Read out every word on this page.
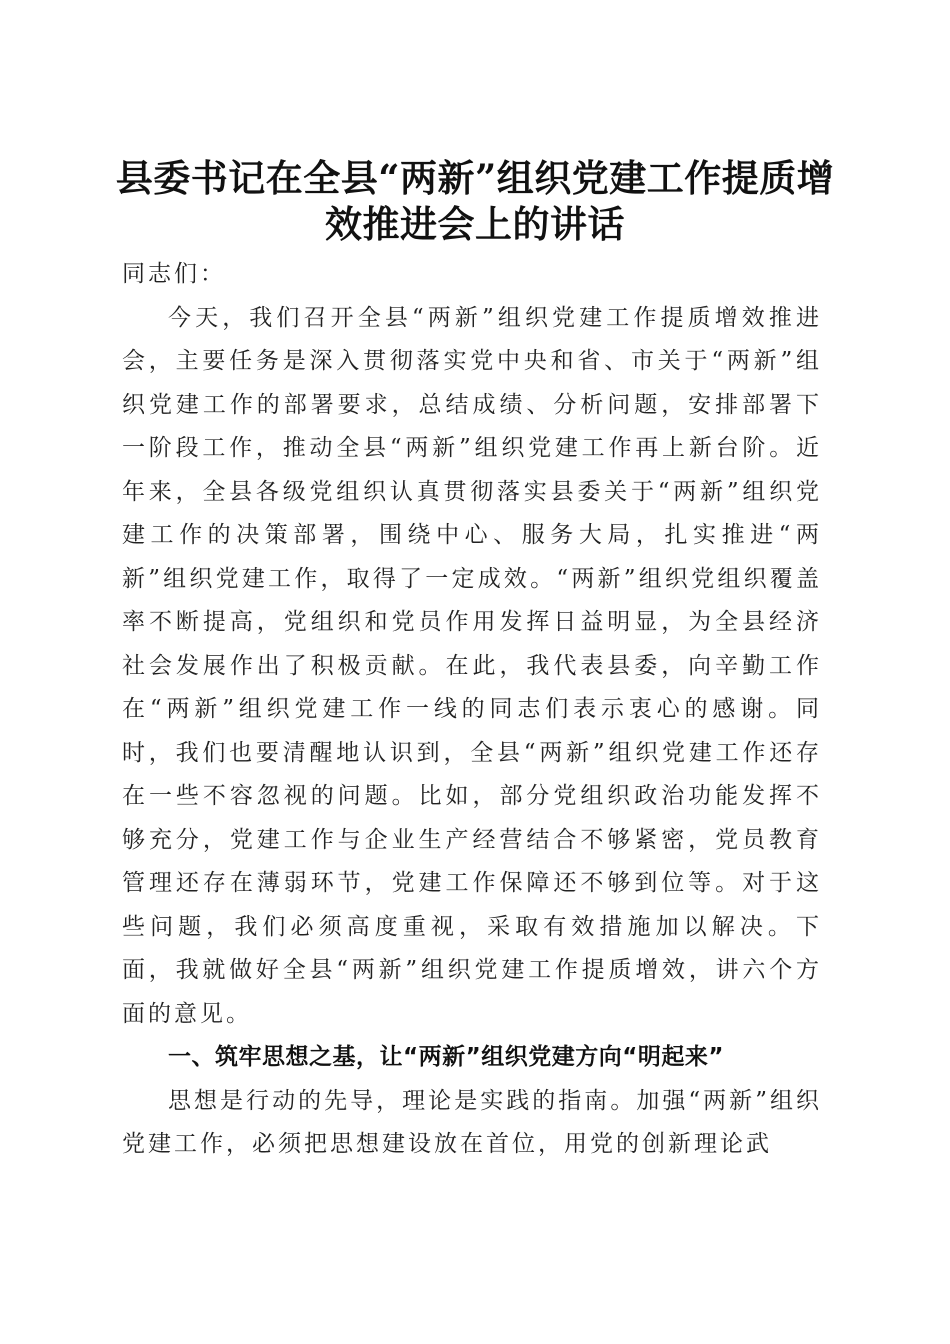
县委书记在全县“两新”组织党建工作提质增效推进会上的讲话

同志们：

今天，我们召开全县“两新”组织党建工作提质增效推进会，主要任务是深入贯彻落实党中央和省、市关于“两新”组织党建工作的部署要求，总结成绩、分析问题，安排部署下一阶段工作，推动全县“两新”组织党建工作再上新台阶。近年来，全县各级党组织认真贯彻落实县委关于“两新”组织党建工作的决策部署，围绕中心、服务大局，扎实推进“两新”组织党建工作，取得了一定成效。“两新”组织党组织覆盖率不断提高，党组织和党员作用发挥日益明显，为全县经济社会发展作出了积极贡献。在此，我代表县委，向辛勤工作在“两新”组织党建工作一线的同志们表示衷心的感谢。同时，我们也要清醒地认识到，全县“两新”组织党建工作还存在一些不容忽视的问题。比如，部分党组织政治功能发挥不够充分，党建工作与企业生产经营结合不够紧密，党员教育管理还存在薄弱环节，党建工作保障还不够到位等。对于这些问题，我们必须高度重视，采取有效措施加以解决。下面，我就做好全县“两新”组织党建工作提质增效，讲六个方面的意见。

一、筑牢思想之基，让“两新”组织党建方向“明起来”

思想是行动的先导，理论是实践的指南。加强“两新”组织党建工作，必须把思想建设放在首位，用党的创新理论武
